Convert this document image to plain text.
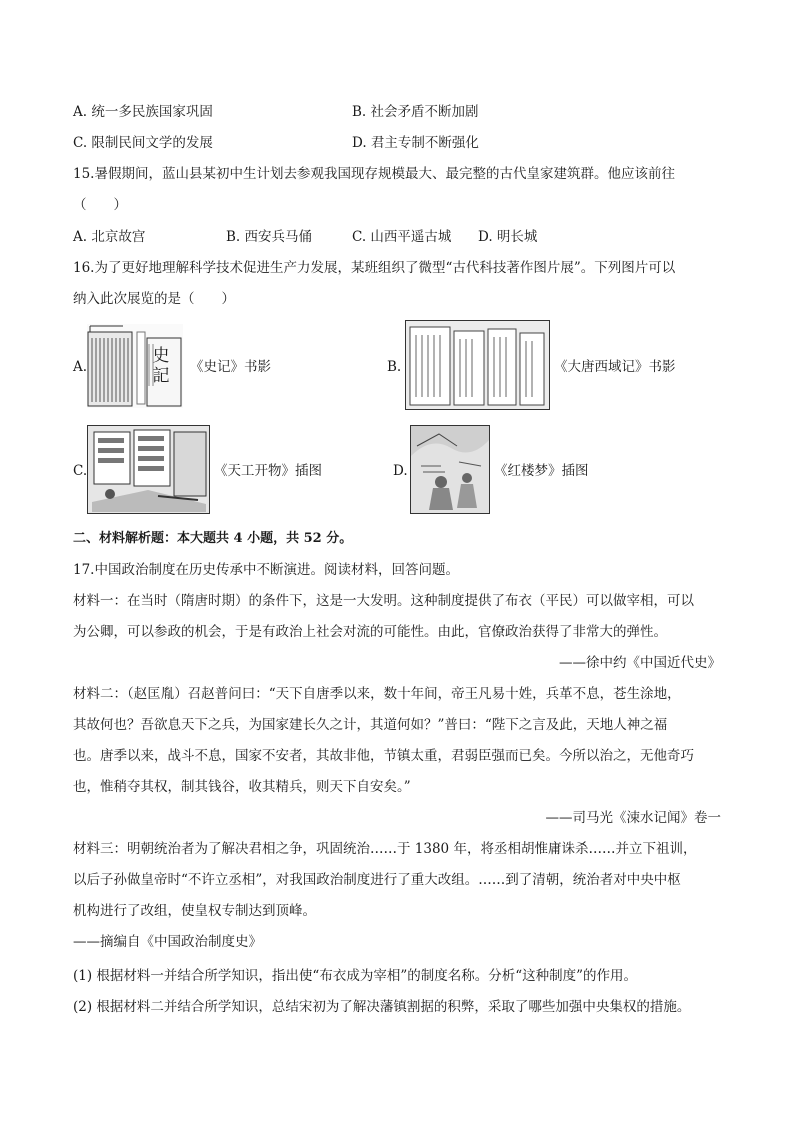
A. 统一多民族国家巩固	B. 社会矛盾不断加剧
C. 限制民间文学的发展	D. 君主专制不断强化
15.暑假期间，蓝山县某初中生计划去参观我国现存规模最大、最完整的古代皇家建筑群。他应该前往
（　　）
A. 北京故宫	B. 西安兵马俑	C. 山西平遥古城 D. 明长城
16.为了更好地理解科学技术促进生产力发展，某班组织了微型“古代科技著作图片展”。下列图片可以
纳入此次展览的是（　　）
A.
史記 《史记》书影	B.	《大唐西域记》书影
C.	《天工开物》插图	D.	《红楼梦》插图
二、材料解析题：本大题共 4 小题，共 52 分。
17.中国政治制度在历史传承中不断演进。阅读材料，回答问题。
材料一：在当时（隋唐时期）的条件下，这是一大发明。这种制度提供了布衣（平民）可以做宰相，可以
为公卿，可以参政的机会，于是有政治上社会对流的可能性。由此，官僚政治获得了非常大的弹性。
——徐中约《中国近代史》
材料二：（赵匡胤）召赵普问曰：“天下自唐季以来，数十年间，帝王凡易十姓，兵革不息，苍生涂地，
其故何也？吾欲息天下之兵，为国家建长久之计，其道何如？”普曰：“陛下之言及此，天地人神之福
也。唐季以来，战斗不息，国家不安者，其故非他，节镇太重，君弱臣强而已矣。今所以治之，无他奇巧
也，惟稍夺其权，制其钱谷，收其精兵，则天下自安矣。”
——司马光《涑水记闻》卷一
材料三：明朝统治者为了解决君相之争，巩固统治……于 1380 年，将丞相胡惟庸诛杀……并立下祖训，
以后子孙做皇帝时“不许立丞相”，对我国政治制度进行了重大改组。……到了清朝，统治者对中央中枢
机构进行了改组，使皇权专制达到顶峰。
——摘编自《中国政治制度史》
(1) 根据材料一并结合所学知识，指出使“布衣成为宰相”的制度名称。分析“这种制度”的作用。
(2) 根据材料二并结合所学知识，总结宋初为了解决藩镇割据的积弊，采取了哪些加强中央集权的措施。
